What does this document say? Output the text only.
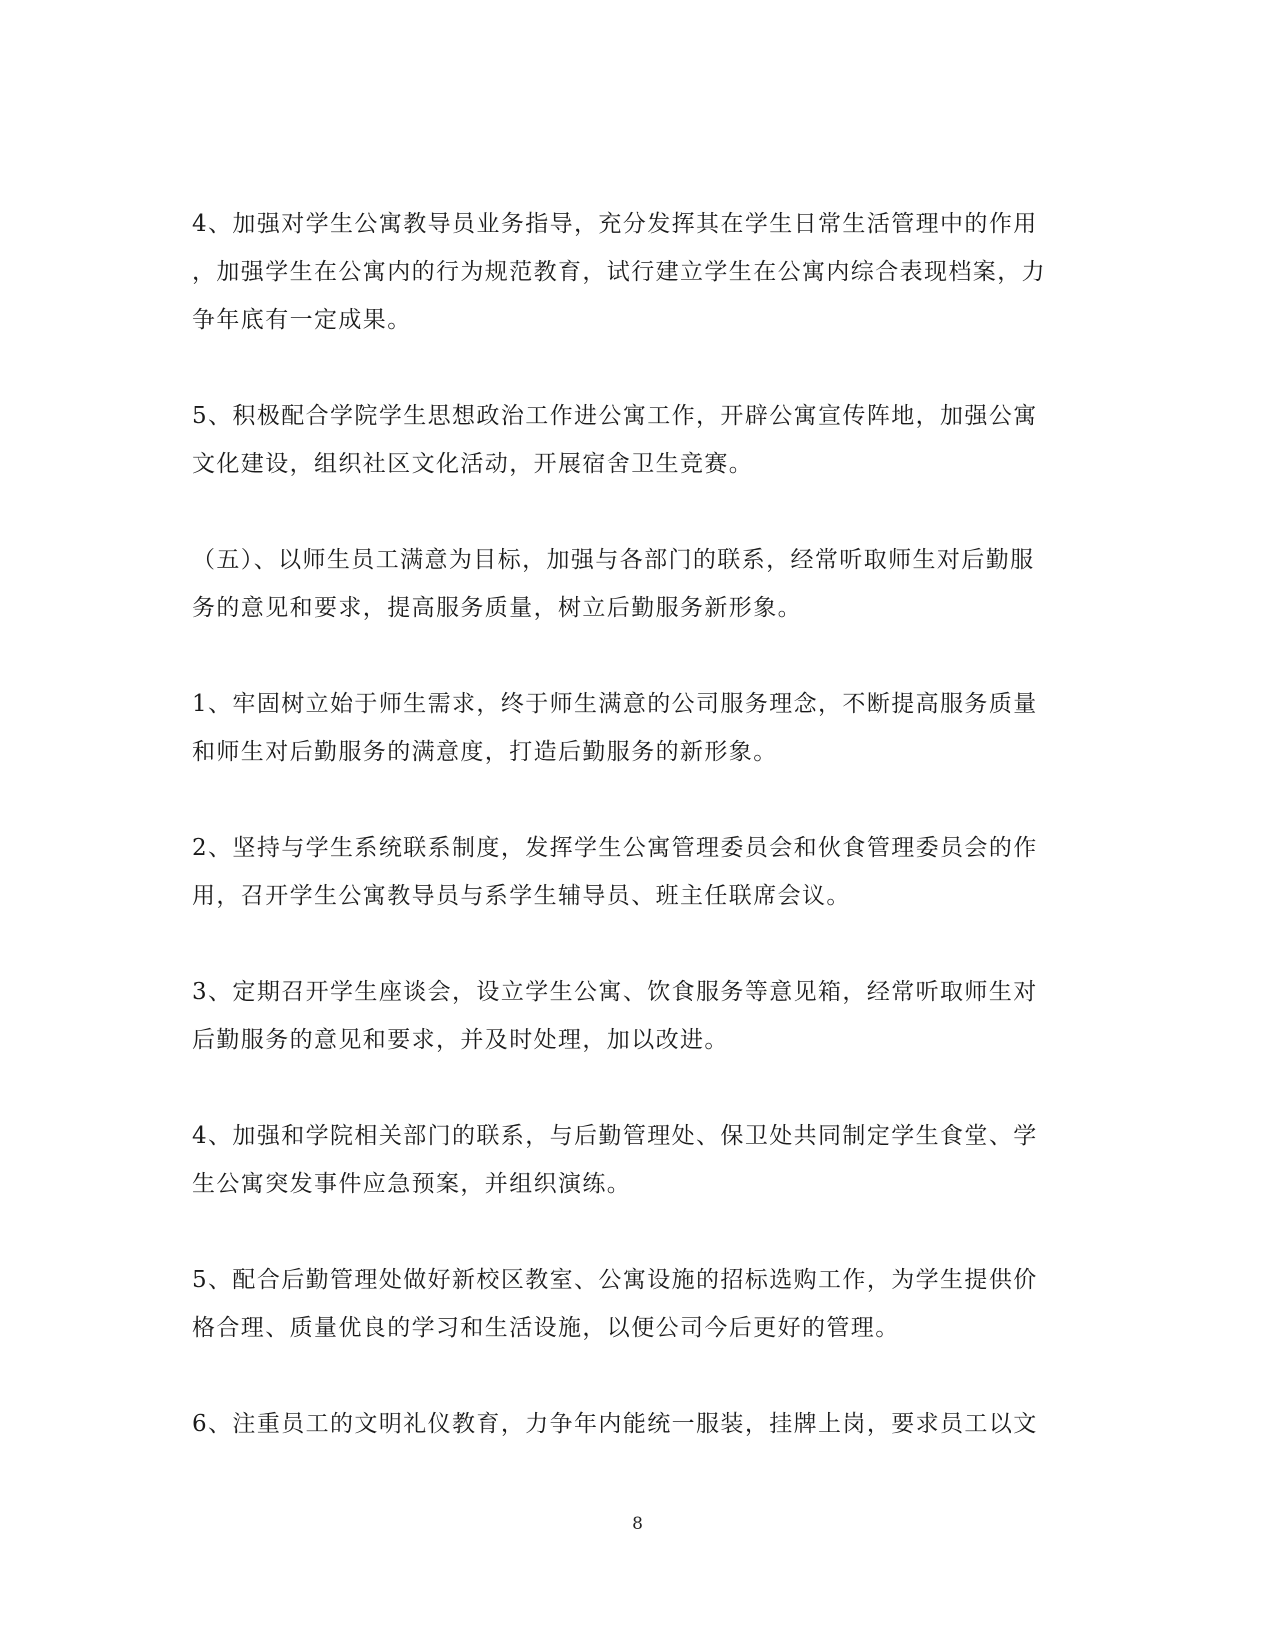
4、加强对学生公寓教导员业务指导，充分发挥其在学生日常生活管理中的作用
，加强学生在公寓内的行为规范教育，试行建立学生在公寓内综合表现档案，力
争年底有一定成果。

5、积极配合学院学生思想政治工作进公寓工作，开辟公寓宣传阵地，加强公寓
文化建设，组织社区文化活动，开展宿舍卫生竞赛。

（五）、以师生员工满意为目标，加强与各部门的联系，经常听取师生对后勤服
务的意见和要求，提高服务质量，树立后勤服务新形象。

1、牢固树立始于师生需求，终于师生满意的公司服务理念，不断提高服务质量
和师生对后勤服务的满意度，打造后勤服务的新形象。

2、坚持与学生系统联系制度，发挥学生公寓管理委员会和伙食管理委员会的作
用，召开学生公寓教导员与系学生辅导员、班主任联席会议。

3、定期召开学生座谈会，设立学生公寓、饮食服务等意见箱，经常听取师生对
后勤服务的意见和要求，并及时处理，加以改进。

4、加强和学院相关部门的联系，与后勤管理处、保卫处共同制定学生食堂、学
生公寓突发事件应急预案，并组织演练。

5、配合后勤管理处做好新校区教室、公寓设施的招标选购工作，为学生提供价
格合理、质量优良的学习和生活设施，以便公司今后更好的管理。

6、注重员工的文明礼仪教育，力争年内能统一服装，挂牌上岗，要求员工以文

8
